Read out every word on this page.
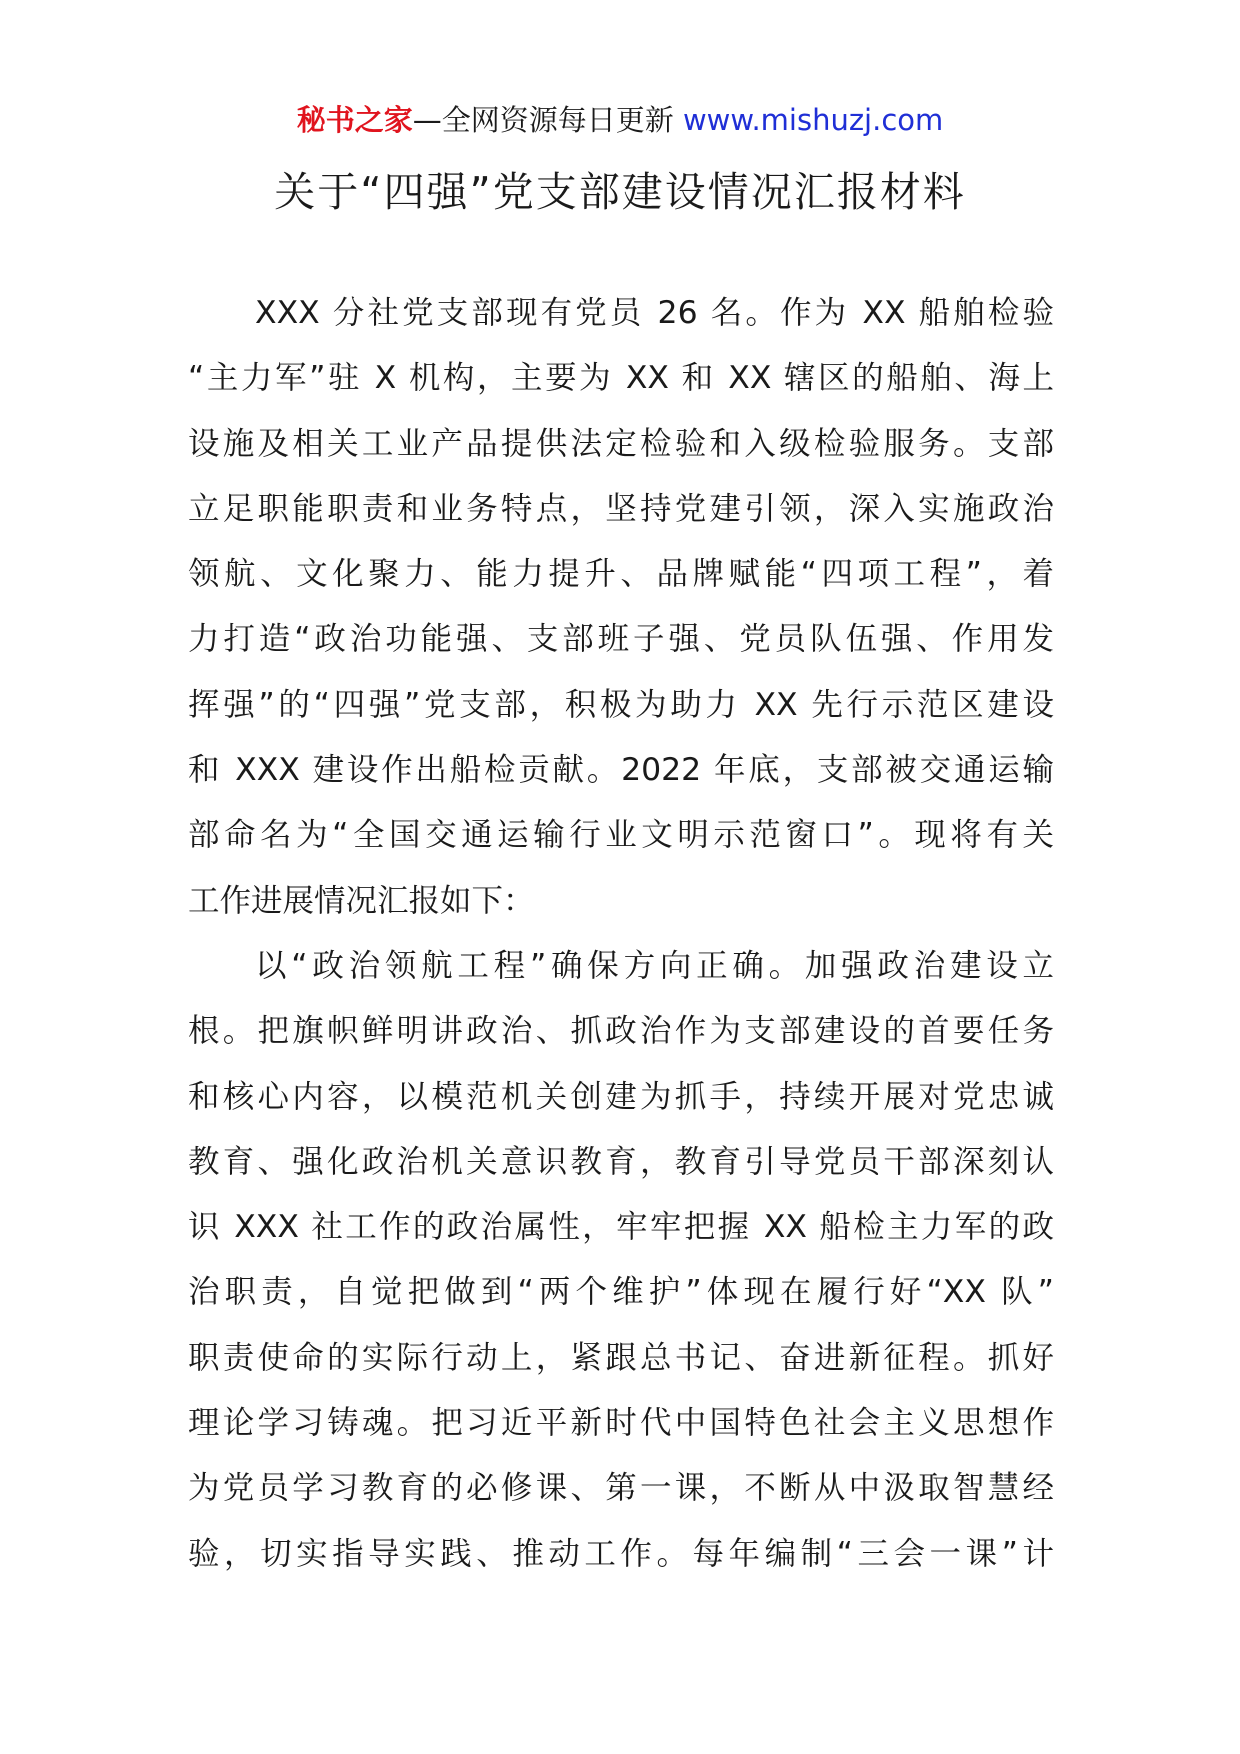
秘书之家—全网资源每日更新 www.mishuzj.com
关于“四强”党支部建设情况汇报材料
XXX 分社党支部现有党员 26 名。作为 XX 船舶检验
“主力军”驻 X 机构，主要为 XX 和 XX 辖区的船舶、海上
设施及相关工业产品提供法定检验和入级检验服务。支部
立足职能职责和业务特点，坚持党建引领，深入实施政治
领航、文化聚力、能力提升、品牌赋能“四项工程”，着
力打造“政治功能强、支部班子强、党员队伍强、作用发
挥强”的“四强”党支部，积极为助力 XX 先行示范区建设
和 XXX 建设作出船检贡献。2022 年底，支部被交通运输
部命名为“全国交通运输行业文明示范窗口”。现将有关
工作进展情况汇报如下：
以“政治领航工程”确保方向正确。加强政治建设立
根。把旗帜鲜明讲政治、抓政治作为支部建设的首要任务
和核心内容，以模范机关创建为抓手，持续开展对党忠诚
教育、强化政治机关意识教育，教育引导党员干部深刻认
识 XXX 社工作的政治属性，牢牢把握 XX 船检主力军的政
治职责，自觉把做到“两个维护”体现在履行好“XX 队”
职责使命的实际行动上，紧跟总书记、奋进新征程。抓好
理论学习铸魂。把习近平新时代中国特色社会主义思想作
为党员学习教育的必修课、第一课，不断从中汲取智慧经
验，切实指导实践、推动工作。每年编制“三会一课”计
